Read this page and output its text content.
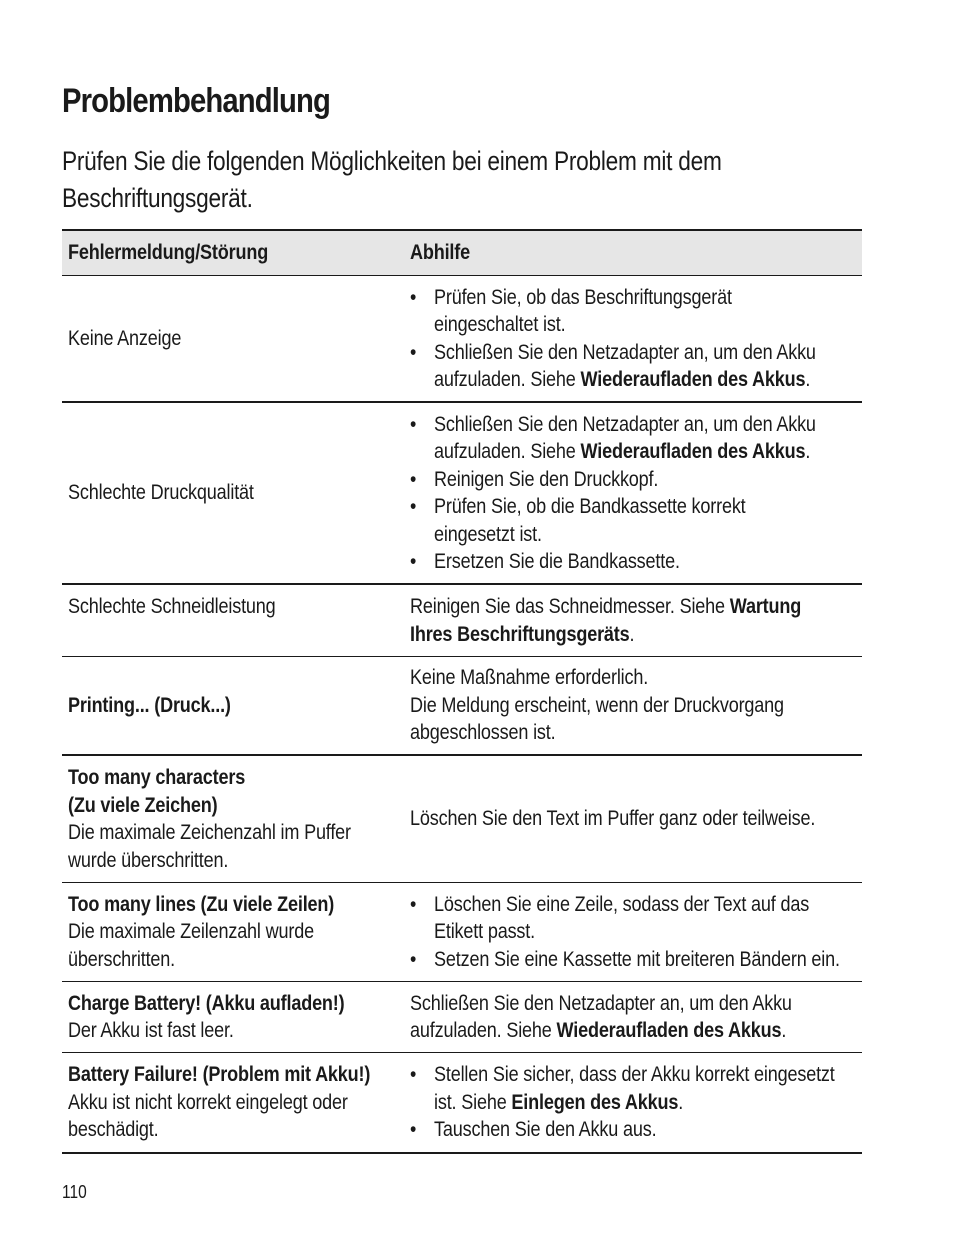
Problembehandlung
Prüfen Sie die folgenden Möglichkeiten bei einem Problem mit dem
Beschriftungsgerät.
Fehlermeldung/Störung	Abhilfe
Keine Anzeige
• Prüfen Sie, ob das Beschriftungsgerät
eingeschaltet ist.
• Schließen Sie den Netzadapter an, um den Akku
aufzuladen. Siehe Wiederaufladen des Akkus.
Schlechte Druckqualität
• Schließen Sie den Netzadapter an, um den Akku
aufzuladen. Siehe Wiederaufladen des Akkus.
• Reinigen Sie den Druckkopf.
• Prüfen Sie, ob die Bandkassette korrekt
eingesetzt ist.
• Ersetzen Sie die Bandkassette.
Schlechte Schneidleistung	Reinigen Sie das Schneidmesser. Siehe Wartung
Ihres Beschriftungsgeräts.
Printing... (Druck...)
Keine Maßnahme erforderlich.
Die Meldung erscheint, wenn der Druckvorgang
abgeschlossen ist.
Too many characters
(Zu viele Zeichen)
Die maximale Zeichenzahl im Puffer
wurde überschritten.
Löschen Sie den Text im Puffer ganz oder teilweise.
Too many lines (Zu viele Zeilen)
Die maximale Zeilenzahl wurde
überschritten.
• Löschen Sie eine Zeile, sodass der Text auf das
Etikett passt.
• Setzen Sie eine Kassette mit breiteren Bändern ein.
Charge Battery! (Akku aufladen!)
Der Akku ist fast leer.
Schließen Sie den Netzadapter an, um den Akku
aufzuladen. Siehe Wiederaufladen des Akkus.
Battery Failure! (Problem mit Akku!)
Akku ist nicht korrekt eingelegt oder
beschädigt.
• Stellen Sie sicher, dass der Akku korrekt eingesetzt
ist. Siehe Einlegen des Akkus.
• Tauschen Sie den Akku aus.
110
